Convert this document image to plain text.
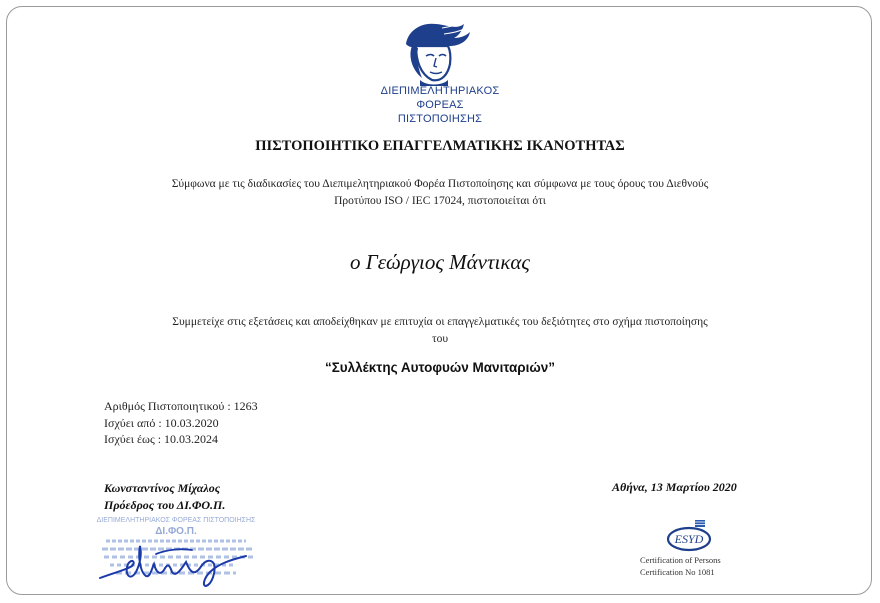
ΔΙΕΠΙΜΕΛΗΤΗΡΙΑΚΟΣ
ΦΟΡΕΑΣ
ΠΙΣΤΟΠΟΙΗΣΗΣ
ΠΙΣΤΟΠΟΙΗΤΙΚΟ ΕΠΑΓΓΕΛΜΑΤΙΚΗΣ ΙΚΑΝΟΤΗΤΑΣ
Σύμφωνα με τις διαδικασίες του Διεπιμελητηριακού Φορέα Πιστοποίησης και σύμφωνα με τους όρους του Διεθνούς
Προτύπου ISO / IEC 17024, πιστοποιείται ότι
ο Γεώργιος Μάντικας
Συμμετείχε στις εξετάσεις και αποδείχθηκαν με επιτυχία οι επαγγελματικές του δεξιότητες στο σχήμα πιστοποίησης
του
“Συλλέκτης Αυτοφυών Μανιταριών”
Αριθμός Πιστοποιητικού : 1263
Ισχύει από : 10.03.2020
Ισχύει έως : 10.03.2024
Κωνσταντίνος Μίχαλος
Πρόεδρος του ΔΙ.ΦΟ.Π.
Αθήνα, 13 Μαρτίου 2020
ΔΙΕΠΙΜΕΛΗΤΗΡΙΑΚΟΣ ΦΟΡΕΑΣ ΠΙΣΤΟΠΟΙΗΣΗΣ
ΔΙ.ΦΟ.Π.
ESYD
Certification of Persons
Certification No 1081
